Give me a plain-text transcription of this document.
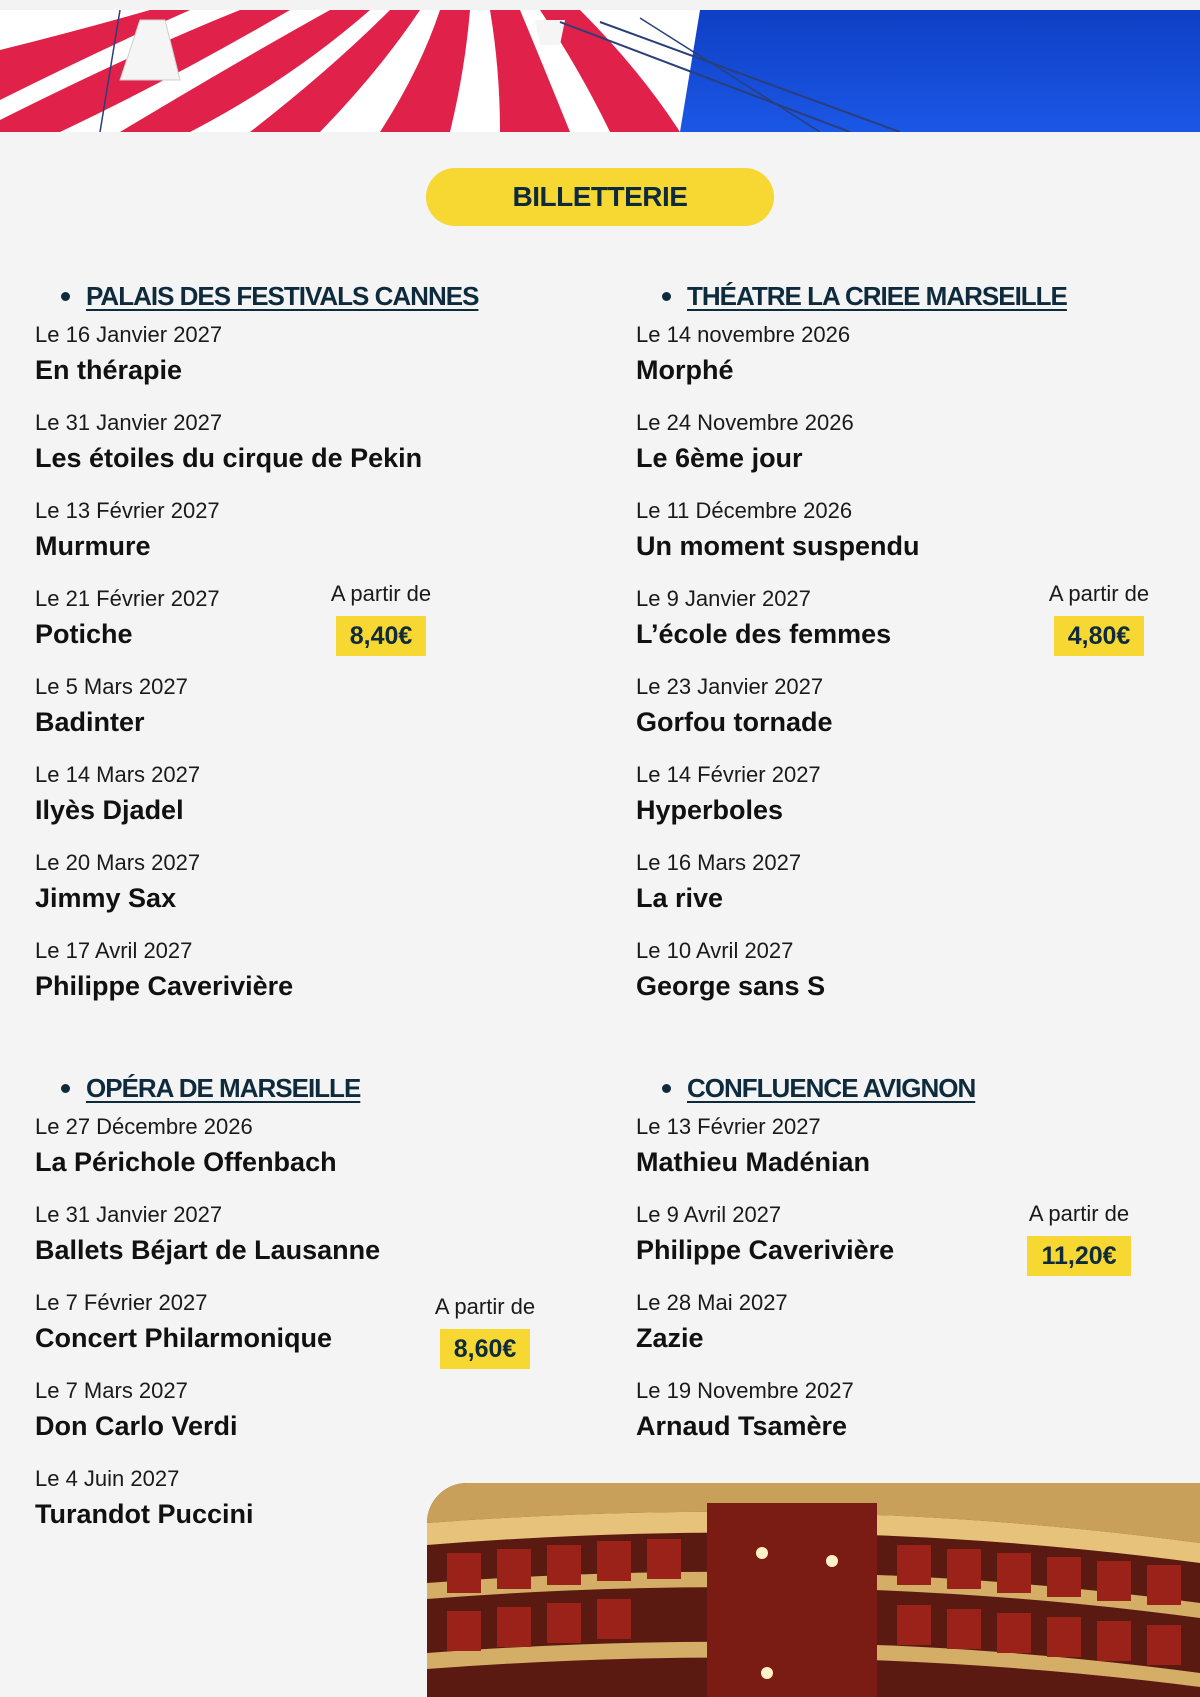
BILLETTERIE
PALAIS DES FESTIVALS CANNES
Le 16 Janvier 2027
En thérapie
Le 31 Janvier 2027
Les étoiles du cirque de Pekin
Le 13 Février 2027
Murmure
Le 21 Février 2027
Potiche
Le 5 Mars 2027
Badinter
Le 14 Mars 2027
Ilyès Djadel
Le 20 Mars 2027
Jimmy Sax
Le 17 Avril 2027
Philippe Caverivière
A partir de
8,40€
THÉATRE LA CRIEE MARSEILLE
Le 14 novembre 2026
Morphé
Le 24 Novembre 2026
Le 6ème jour
Le 11 Décembre 2026
Un moment suspendu
Le 9 Janvier 2027
L’école des femmes
Le 23 Janvier 2027
Gorfou tornade
Le 14 Février 2027
Hyperboles
Le 16 Mars 2027
La rive
Le 10 Avril 2027
George sans S
A partir de
4,80€
OPÉRA DE MARSEILLE
Le 27 Décembre 2026
La Périchole Offenbach
Le 31 Janvier 2027
Ballets Béjart de Lausanne
Le 7 Février 2027
Concert Philarmonique
Le 7 Mars 2027
Don Carlo Verdi
Le 4 Juin 2027
Turandot Puccini
A partir de
8,60€
CONFLUENCE AVIGNON
Le 13 Février 2027
Mathieu Madénian
Le 9 Avril 2027
Philippe Caverivière
Le 28 Mai 2027
Zazie
Le 19 Novembre 2027
Arnaud Tsamère
A partir de
11,20€
